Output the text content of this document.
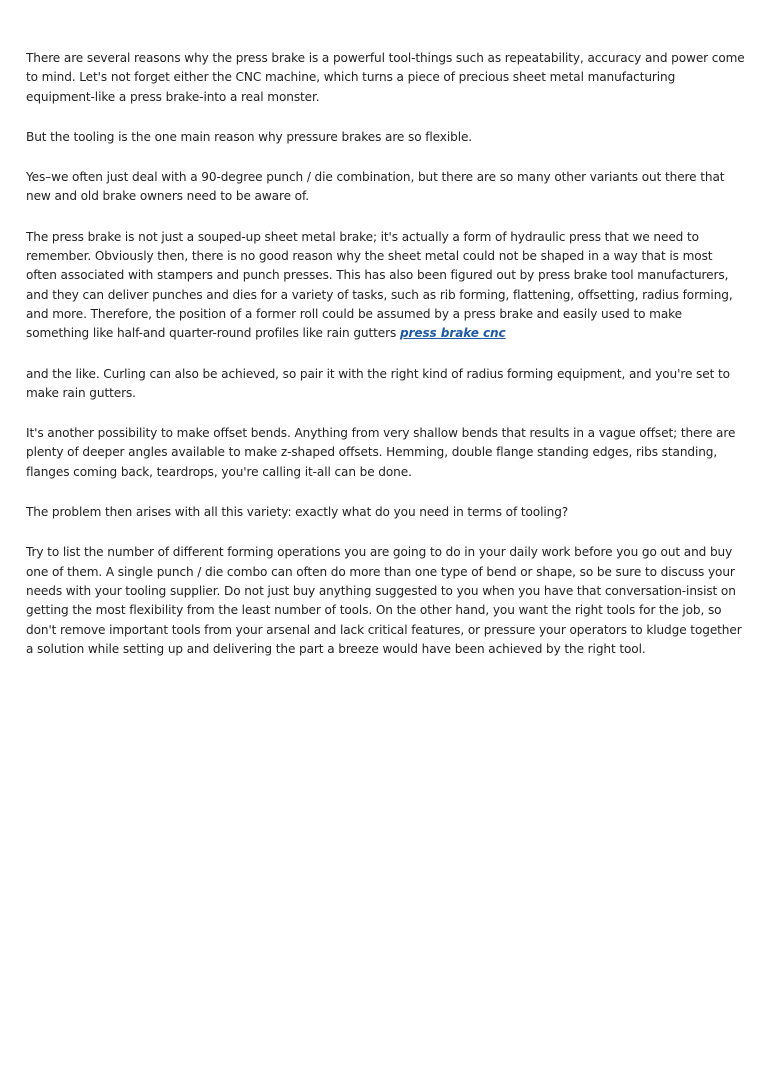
There are several reasons why the press brake is a powerful tool-things such as repeatability, accuracy and power come to mind. Let's not forget either the CNC machine, which turns a piece of precious sheet metal manufacturing equipment-like a press brake-into a real monster.

But the tooling is the one main reason why pressure brakes are so flexible.

Yes–we often just deal with a 90-degree punch / die combination, but there are so many other variants out there that new and old brake owners need to be aware of.

The press brake is not just a souped-up sheet metal brake; it's actually a form of hydraulic press that we need to remember. Obviously then, there is no good reason why the sheet metal could not be shaped in a way that is most often associated with stampers and punch presses. This has also been figured out by press brake tool manufacturers, and they can deliver punches and dies for a variety of tasks, such as rib forming, flattening, offsetting, radius forming, and more. Therefore, the position of a former roll could be assumed by a press brake and easily used to make something like half-and quarter-round profiles like rain gutters press brake cnc

and the like. Curling can also be achieved, so pair it with the right kind of radius forming equipment, and you're set to make rain gutters.

It's another possibility to make offset bends. Anything from very shallow bends that results in a vague offset; there are plenty of deeper angles available to make z-shaped offsets. Hemming, double flange standing edges, ribs standing, flanges coming back, teardrops, you're calling it-all can be done.

The problem then arises with all this variety: exactly what do you need in terms of tooling?

Try to list the number of different forming operations you are going to do in your daily work before you go out and buy one of them. A single punch / die combo can often do more than one type of bend or shape, so be sure to discuss your needs with your tooling supplier. Do not just buy anything suggested to you when you have that conversation-insist on getting the most flexibility from the least number of tools. On the other hand, you want the right tools for the job, so don't remove important tools from your arsenal and lack critical features, or pressure your operators to kludge together a solution while setting up and delivering the part a breeze would have been achieved by the right tool.
